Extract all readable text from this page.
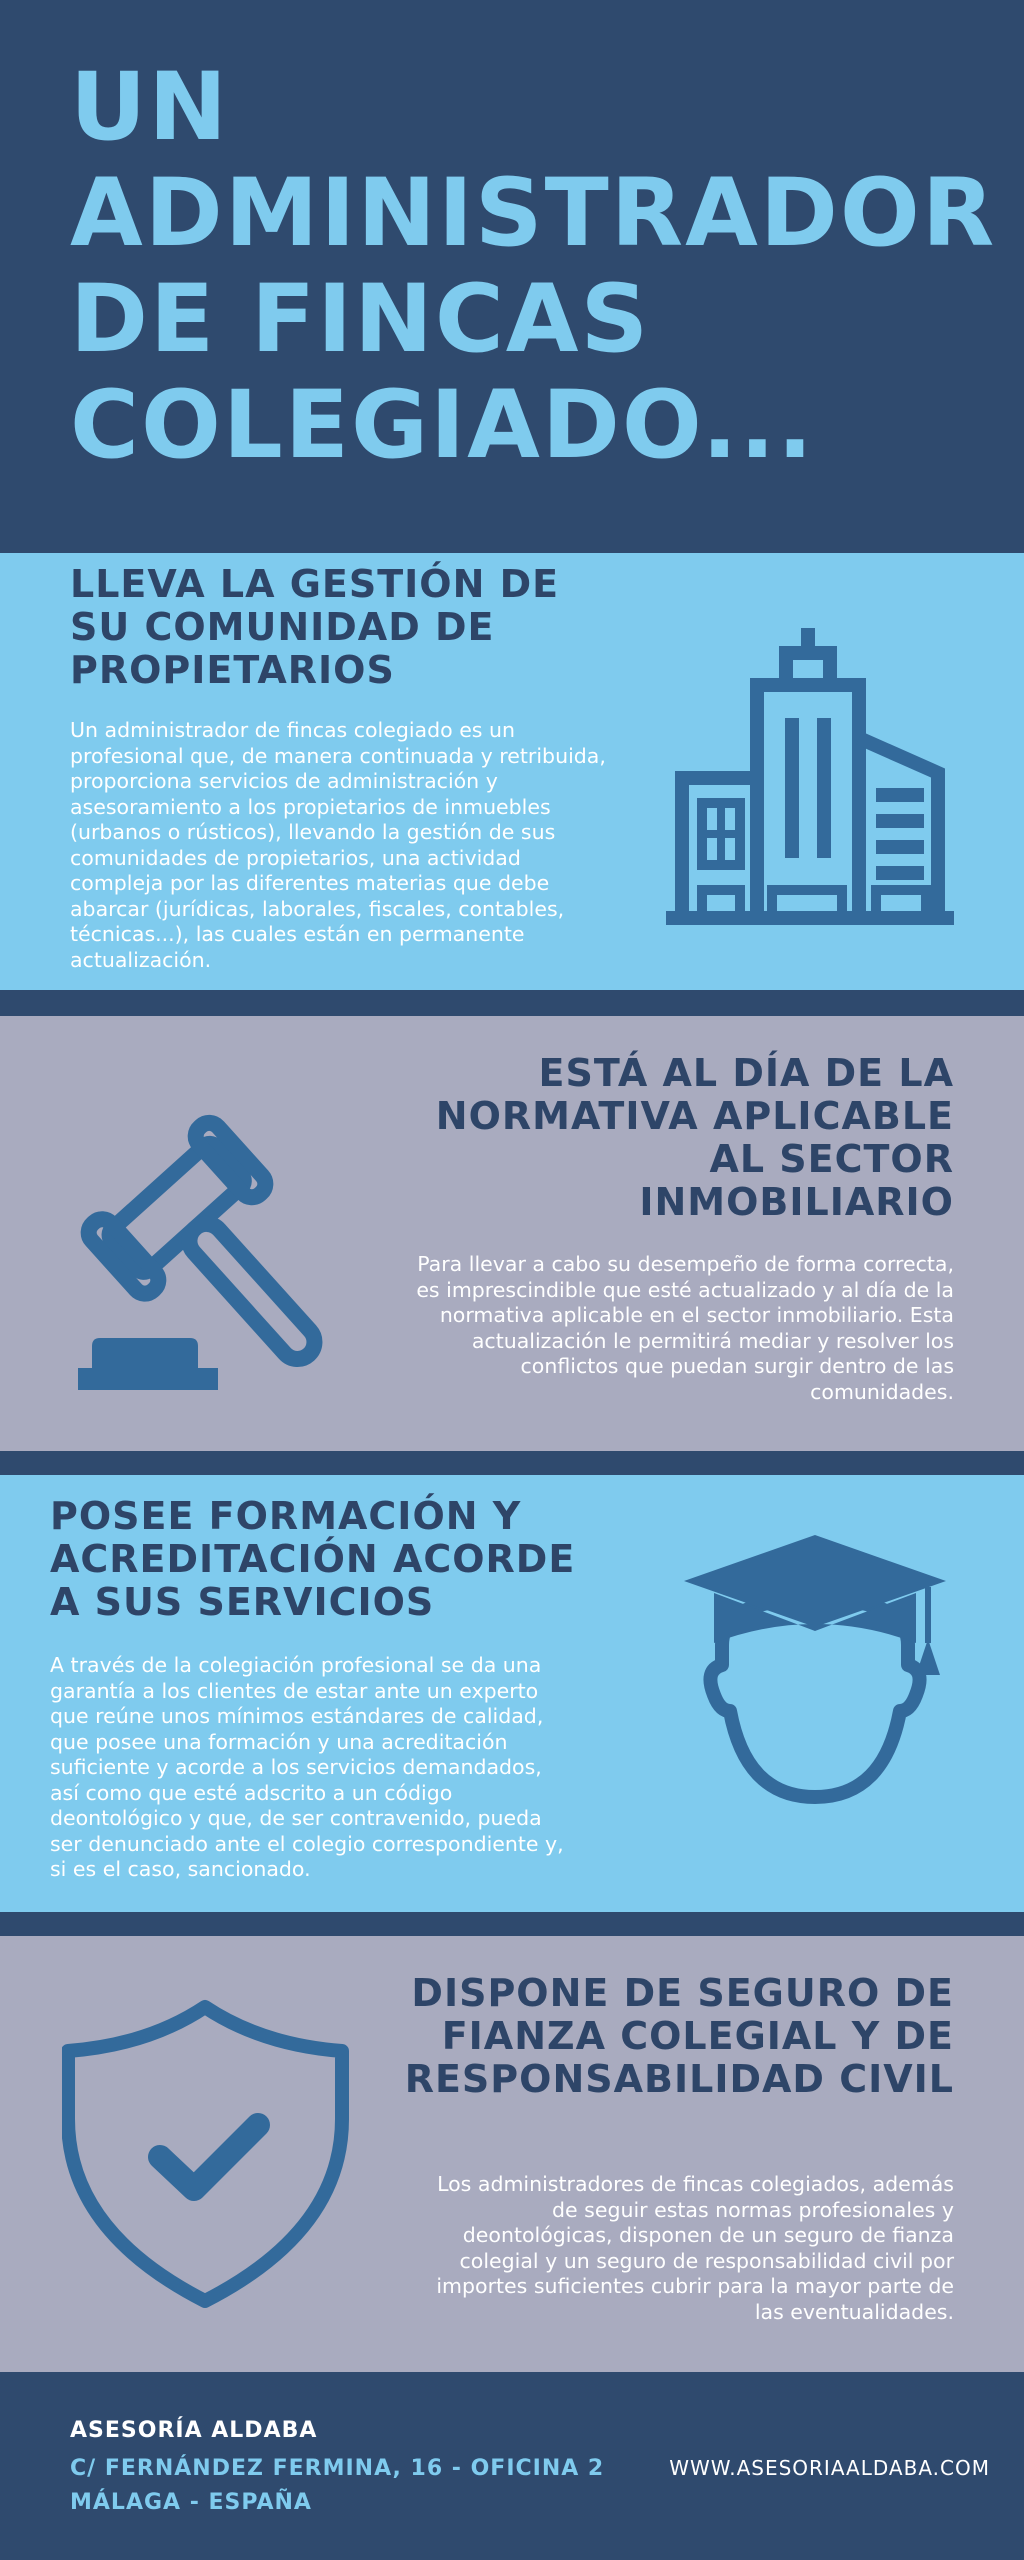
UN ADMINISTRADOR DE FINCAS COLEGIADO...
LLEVA LA GESTIÓN DE SU COMUNIDAD DE PROPIETARIOS

Un administrador de fincas colegiado es un profesional que, de manera continuada y retribuida, proporciona servicios de administración y asesoramiento a los propietarios de inmuebles (urbanos o rústicos), llevando la gestión de sus comunidades de propietarios, una actividad compleja por las diferentes materias que debe abarcar (jurídicas, laborales, fiscales, contables, técnicas...), las cuales están en permanente actualización.

ESTÁ AL DÍA DE LA NORMATIVA APLICABLE AL SECTOR INMOBILIARIO

Para llevar a cabo su desempeño de forma correcta, es imprescindible que esté actualizado y al día de la normativa aplicable en el sector inmobiliario. Esta actualización le permitirá mediar y resolver los conflictos que puedan surgir dentro de las comunidades.

POSEE FORMACIÓN Y ACREDITACIÓN ACORDE A SUS SERVICIOS

A través de la colegiación profesional se da una garantía a los clientes de estar ante un experto que reúne unos mínimos estándares de calidad, que posee una formación y una acreditación suficiente y acorde a los servicios demandados, así como que esté adscrito a un código deontológico y que, de ser contravenido, pueda ser denunciado ante el colegio correspondiente y, si es el caso, sancionado.

DISPONE DE SEGURO DE FIANZA COLEGIAL Y DE RESPONSABILIDAD CIVIL

Los administradores de fincas colegiados, además de seguir estas normas profesionales y deontológicas, disponen de un seguro de fianza colegial y un seguro de responsabilidad civil por importes suficientes cubrir para la mayor parte de las eventualidades.

ASESORÍA ALDABA

C/ FERNÁNDEZ FERMINA, 16 - OFICINA 2
MÁLAGA - ESPAÑA

WWW.ASESORIAALDABA.COM
